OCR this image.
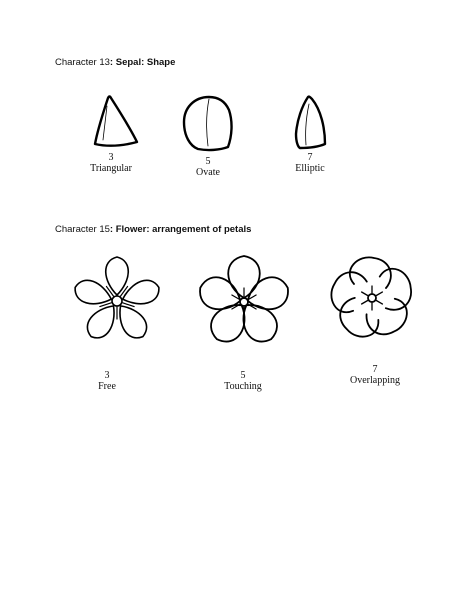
Character 13: Sepal: Shape
3
Triangular
5
Ovate
7
Elliptic
Character 15: Flower: arrangement of petals
3
Free
5
Touching
7
Overlapping
